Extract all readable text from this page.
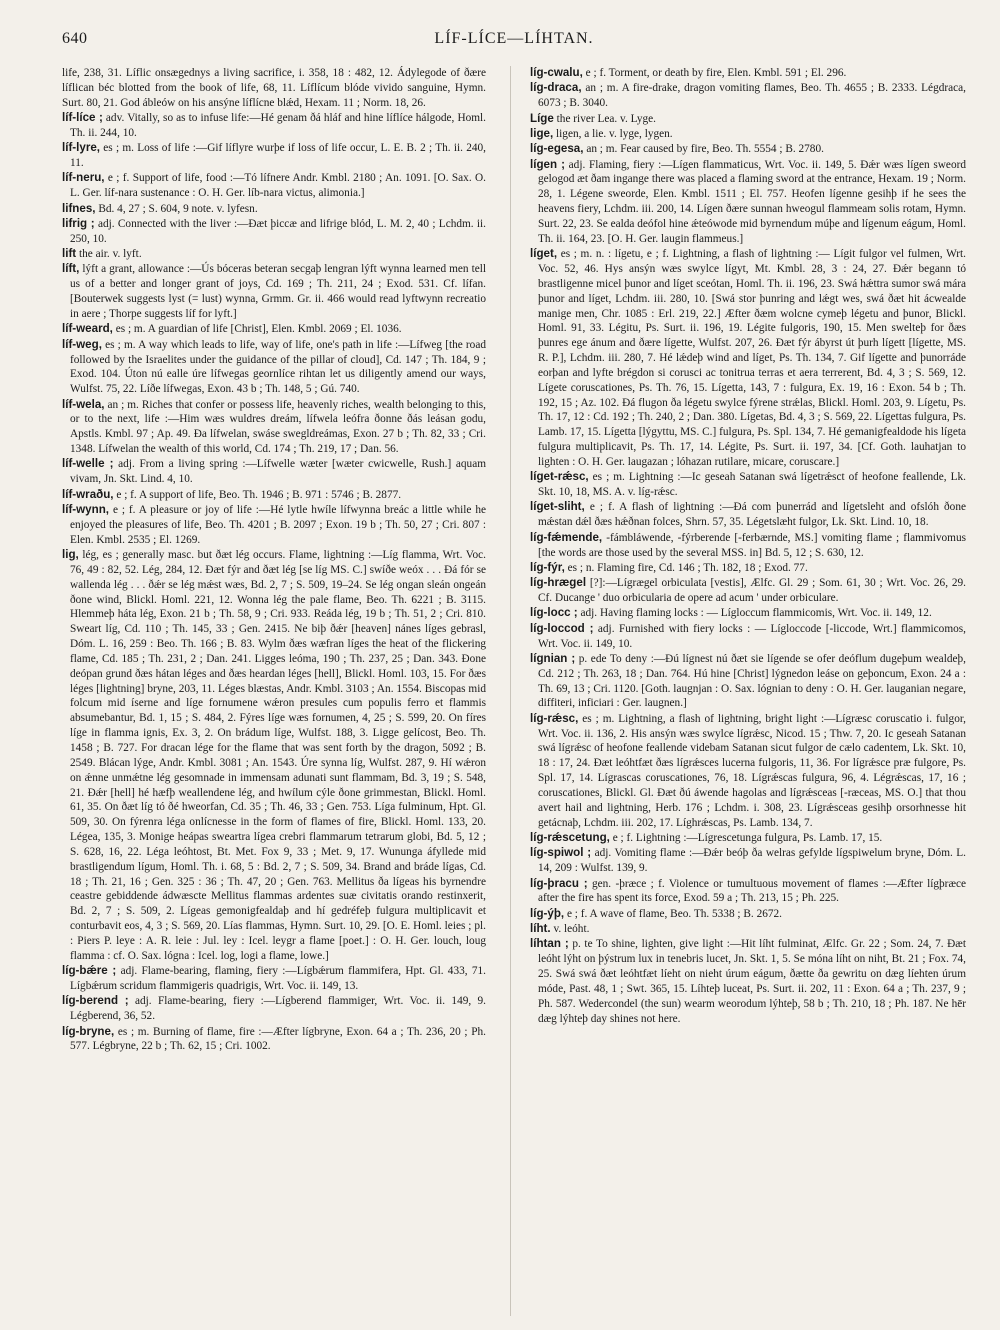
640	LÍF-LÍCE—LÍHTAN.

life, 238, 31. Líflic onsægednys a living sacrifice, i. 358, 18 : 482, 12. Ádylegode of ðære líflican béc blotted from the book of life, 68, 11. Líflícum blóde vivido sanguine, Hymn. Surt. 80, 21. God ábleów on his ansýne líflícne blǽd, Hexam. 11 ; Norm. 18, 26.

líf-líce ; adv. Vitally, so as to infuse life:—Hé genam ðá hláf and hine líflíce hálgode, Homl. Th. ii. 244, 10.

líf-lyre, es ; m. Loss of life :—Gif líflyre wurþe if loss of life occur, L. E. B. 2 ; Th. ii. 240, 11.

líf-neru, e ; f. Support of life, food :—Tó lífnere Andr. Kmbl. 2180 ; An. 1091. [O. Sax. O. L. Ger. líf-nara sustenance : O. H. Ger. líb-nara victus, alimonia.]

lifnes, Bd. 4, 27 ; S. 604, 9 note. v. lyfesn.

lifrig ; adj. Connected with the liver :—Ðæt þiccæ and lifrige blód, L. M. 2, 40 ; Lchdm. ii. 250, 10.

lift the air. v. lyft.

líft, lýft a grant, allowance :—Ús bóceras beteran secgaþ lengran lýft wynna learned men tell us of a better and longer grant of joys, Cd. 169 ; Th. 211, 24 ; Exod. 531. Cf. lífan. [Bouterwek suggests lyst (= lust) wynna, Grmm. Gr. ii. 466 would read lyftwynn recreatio in aere ; Thorpe suggests líf for lyft.]

líf-weard, es ; m. A guardian of life [Christ], Elen. Kmbl. 2069 ; El. 1036.

líf-weg, es ; m. A way which leads to life, way of life, one's path in life :—Lífweg [the road followed by the Israelites under the guidance of the pillar of cloud], Cd. 147 ; Th. 184, 9 ; Exod. 104. Úton nú ealle úre lífwegas geornlíce rihtan let us diligently amend our ways, Wulfst. 75, 22. Líðe lífwegas, Exon. 43 b ; Th. 148, 5 ; Gú. 740.

líf-wela, an ; m. Riches that confer or possess life, heavenly riches, wealth belonging to this, or to the next, life :—Him wæs wuldres dreám, lífwela leófra ðonne ðás leásan godu, Apstls. Kmbl. 97 ; Ap. 49. Ða lífwelan, swáse swegldreámas, Exon. 27 b ; Th. 82, 33 ; Cri. 1348. Lífwelan the wealth of this world, Cd. 174 ; Th. 219, 17 ; Dan. 56.

líf-welle ; adj. From a living spring :—Lífwelle wæter [wæter cwicwelle, Rush.] aquam vivam, Jn. Skt. Lind. 4, 10.

líf-wraðu, e ; f. A support of life, Beo. Th. 1946 ; B. 971 : 5746 ; B. 2877.

líf-wynn, e ; f. A pleasure or joy of life :—Hé lytle hwíle lífwynna breác a little while he enjoyed the pleasures of life, Beo. Th. 4201 ; B. 2097 ; Exon. 19 b ; Th. 50, 27 ; Cri. 807 : Elen. Kmbl. 2535 ; El. 1269.

lig, lég, es ; generally masc. but ðæt lég occurs. Flame, lightning :—Líg flamma, Wrt. Voc. 76, 49 : 82, 52. Lég, 284, 12. Ðæt fýr and ðæt lég [se líg MS. C.] swíðe weóx . . . Ðá fór se wallenda lég . . . ðǽr se lég mǽst wæs, Bd. 2, 7 ; S. 509, 19–24. Se lég ongan sleán ongeán ðone wind, Blickl. Homl. 221, 12. Wonna lég the pale flame, Beo. Th. 6221 ; B. 3115. Hlemmeþ háta lég, Exon. 21 b ; Th. 58, 9 ; Cri. 933. Reáda lég, 19 b ; Th. 51, 2 ; Cri. 810. Sweart líg, Cd. 110 ; Th. 145, 33 ; Gen. 2415. Ne biþ ðǽr [heaven] nánes líges gebrasl, Dóm. L. 16, 259 : Beo. Th. 166 ; B. 83. Wylm ðæs wæfran líges the heat of the flickering flame, Cd. 185 ; Th. 231, 2 ; Dan. 241. Ligges leóma, 190 ; Th. 237, 25 ; Dan. 343. Ðone deópan grund ðæs hátan léges and ðæs heardan léges [hell], Blickl. Homl. 103, 15. For ðæs léges [lightning] bryne, 203, 11. Léges blæstas, Andr. Kmbl. 3103 ; An. 1554. Biscopas mid folcum mid íserne and líge fornumene wǽron presules cum populis ferro et flammis absumebantur, Bd. 1, 15 ; S. 484, 2. Fýres líge wæs fornumen, 4, 25 ; S. 599, 20. On fíres líge in flamma ignis, Ex. 3, 2. On brádum líge, Wulfst. 188, 3. Ligge gelícost, Beo. Th. 1458 ; B. 727. For dracan lége for the flame that was sent forth by the dragon, 5092 ; B. 2549. Blácan lýge, Andr. Kmbl. 3081 ; An. 1543. Úre synna líg, Wulfst. 287, 9. Hí wǽron on ǽnne unmǽtne lég gesomnade in immensam adunati sunt flammam, Bd. 3, 19 ; S. 548, 21. Ðǽr [hell] hé hæfþ weallendene lég, and hwílum cýle ðone grimmestan, Blickl. Homl. 61, 35. On ðæt líg tó ðé hweorfan, Cd. 35 ; Th. 46, 33 ; Gen. 753. Líga fulminum, Hpt. Gl. 509, 30. On fýrenra léga onlícnesse in the form of flames of fire, Blickl. Homl. 133, 20. Légea, 135, 3. Monige heápas sweartra lígea crebri flammarum tetrarum globi, Bd. 5, 12 ; S. 628, 16, 22. Léga leóhtost, Bt. Met. Fox 9, 33 ; Met. 9, 17. Wununga áfyllede mid brastligendum lígum, Homl. Th. i. 68, 5 : Bd. 2, 7 ; S. 509, 34. Brand and bráde lígas, Cd. 18 ; Th. 21, 16 ; Gen. 325 : 36 ; Th. 47, 20 ; Gen. 763. Mellitus ða lígeas his byrnendre ceastre gebiddende ádwæscte Mellitus flammas ardentes suæ civitatis orando restinxerit, Bd. 2, 7 ; S. 509, 2. Lígeas gemonigfealdaþ and hí gedréfeþ fulgura multiplicavit et conturbavit eos, 4, 3 ; S. 569, 20. Lías flammas, Hymn. Surt. 10, 29. [O. E. Homl. leies ; pl. : Piers P. leye : A. R. leie : Jul. ley : Icel. leygr a flame [poet.] : O. H. Ger. louch, loug flamma : cf. O. Sax. lógna : Icel. log, logi a flame, lowe.]

líg-bǽre ; adj. Flame-bearing, flaming, fiery :—Lígbǽrum flammifera, Hpt. Gl. 433, 71. Lígbǽrum scridum flammigeris quadrigis, Wrt. Voc. ii. 149, 13.

líg-berend ; adj. Flame-bearing, fiery :—Lígberend flammiger, Wrt. Voc. ii. 149, 9. Légberend, 36, 52.

líg-bryne, es ; m. Burning of flame, fire :—Æfter lígbryne, Exon. 64 a ; Th. 236, 20 ; Ph. 577. Légbryne, 22 b ; Th. 62, 15 ; Cri. 1002.

líg-cwalu, e ; f. Torment, or death by fire, Elen. Kmbl. 591 ; El. 296.

líg-draca, an ; m. A fire-drake, dragon vomiting flames, Beo. Th. 4655 ; B. 2333. Légdraca, 6073 ; B. 3040.

Líge the river Lea. v. Lyge.

lige, ligen, a lie. v. lyge, lygen.

líg-egesa, an ; m. Fear caused by fire, Beo. Th. 5554 ; B. 2780.

lígen ; adj. Flaming, fiery :—Lígen flammaticus, Wrt. Voc. ii. 149, 5. Ðǽr wæs lígen sweord gelogod æt ðam ingange there was placed a flaming sword at the entrance, Hexam. 19 ; Norm. 28, 1. Légene sweorde, Elen. Kmbl. 1511 ; El. 757. Heofen lígenne gesihþ if he sees the heavens fiery, Lchdm. iii. 200, 14. Lígen ðære sunnan hweogul flammeam solis rotam, Hymn. Surt. 22, 23. Se ealda deófol hine ǽteówode mid byrnendum múþe and lígenum eágum, Homl. Th. ii. 164, 23. [O. H. Ger. laugin flammeus.]

líget, es ; m. n. : lígetu, e ; f. Lightning, a flash of lightning :— Lígit fulgor vel fulmen, Wrt. Voc. 52, 46. Hys ansýn wæs swylce lígyt, Mt. Kmbl. 28, 3 : 24, 27. Ðǽr begann tó brastligenne micel þunor and líget sceótan, Homl. Th. ii. 196, 23. Swá hǽttra sumor swá mára þunor and líget, Lchdm. iii. 280, 10. [Swá stor þunring and lǽgt wes, swá ðæt hit ácwealde manige men, Chr. 1085 : Erl. 219, 22.] Æfter ðæm wolcne cymeþ légetu and þunor, Blickl. Homl. 91, 33. Légitu, Ps. Surt. ii. 196, 19. Légite fulgoris, 190, 15. Men swelteþ for ðæs þunres ege ánum and ðære lígette, Wulfst. 207, 26. Ðæt fýr ábyrst út þurh lígett [lígette, MS. R. P.], Lchdm. iii. 280, 7. Hé lǽdeþ wind and líget, Ps. Th. 134, 7. Gif lígette and þunorráde eorþan and lyfte brégdon si corusci ac tonitrua terras et aera terrerent, Bd. 4, 3 ; S. 569, 12. Lígete coruscationes, Ps. Th. 76, 15. Lígetta, 143, 7 : fulgura, Ex. 19, 16 : Exon. 54 b ; Th. 192, 15 ; Az. 102. Ðá flugon ða légetu swylce fýrene strǽlas, Blickl. Homl. 203, 9. Lígetu, Ps. Th. 17, 12 : Cd. 192 ; Th. 240, 2 ; Dan. 380. Lígetas, Bd. 4, 3 ; S. 569, 22. Lígettas fulgura, Ps. Lamb. 17, 15. Lígetta [lýgyttu, MS. C.] fulgura, Ps. Spl. 134, 7. Hé gemanigfealdode his lígeta fulgura multiplicavit, Ps. Th. 17, 14. Légite, Ps. Surt. ii. 197, 34. [Cf. Goth. lauhatjan to lighten : O. H. Ger. laugazan ; lóhazan rutilare, micare, coruscare.]

líget-rǽsc, es ; m. Lightning :—Ic geseah Satanan swá lígetrǽsct of heofone feallende, Lk. Skt. 10, 18, MS. A. v. líg-rǽsc.

líget-sliht, e ; f. A flash of lightning :—Ðá com þunerrád and lígetsleht and ofslóh ðone mǽstan dǽl ðæs hǽðnan folces, Shrn. 57, 35. Légetslæht fulgor, Lk. Skt. Lind. 10, 18.

líg-fǽmende, -fámbláwende, -fýrberende [-ferbærnde, MS.] vomiting flame ; flammivomus [the words are those used by the several MSS. in] Bd. 5, 12 ; S. 630, 12.

líg-fýr, es ; n. Flaming fire, Cd. 146 ; Th. 182, 18 ; Exod. 77.

líg-hrægel [?]:—Lígrægel orbiculata [vestis], Ælfc. Gl. 29 ; Som. 61, 30 ; Wrt. Voc. 26, 29. Cf. Ducange ' duo orbicularia de opere ad acum ' under orbiculare.

líg-locc ; adj. Having flaming locks : — Lígloccum flammicomis, Wrt. Voc. ii. 149, 12.

líg-loccod ; adj. Furnished with fiery locks : — Lígloccode [-liccode, Wrt.] flammicomos, Wrt. Voc. ii. 149, 10.

lígnian ; p. ede To deny :—Ðú lígnest nú ðæt sie lígende se ofer deóflum dugeþum wealdeþ, Cd. 212 ; Th. 263, 18 ; Dan. 764. Hú hine [Christ] lýgnedon leáse on geþoncum, Exon. 24 a : Th. 69, 13 ; Cri. 1120. [Goth. laugnjan : O. Sax. lógnian to deny : O. H. Ger. lauganian negare, diffiteri, inficiari : Ger. laugnen.]

líg-rǽsc, es ; m. Lightning, a flash of lightning, bright light :—Lígræsc coruscatio i. fulgor, Wrt. Voc. ii. 136, 2. His ansýn wæs swylce lígrǽsc, Nicod. 15 ; Thw. 7, 20. Ic geseah Satanan swá lígrǽsc of heofone feallende videbam Satanan sicut fulgor de cælo cadentem, Lk. Skt. 10, 18 : 17, 24. Ðæt leóhtfæt ðæs lígrǽsces lucerna fulgoris, 11, 36. For lígrǽsce præ fulgore, Ps. Spl. 17, 14. Lígrascas coruscationes, 76, 18. Lígrǽscas fulgura, 96, 4. Légrǽscas, 17, 16 ; coruscationes, Blickl. Gl. Ðæt ðú áwende hagolas and lígrǽsceas [-ræceas, MS. O.] that thou avert hail and lightning, Herb. 176 ; Lchdm. i. 308, 23. Lígrǽsceas gesihþ orsorhnesse hit getácnaþ, Lchdm. iii. 202, 17. Líghrǽscas, Ps. Lamb. 134, 7.

líg-rǽscetung, e ; f. Lightning :—Lígrescetunga fulgura, Ps. Lamb. 17, 15.

líg-spiwol ; adj. Vomiting flame :—Ðǽr beóþ ða welras gefylde lígspiwelum bryne, Dóm. L. 14, 209 : Wulfst. 139, 9.

líg-þracu ; gen. -þræce ; f. Violence or tumultuous movement of flames :—Æfter lígþræce after the fire has spent its force, Exod. 59 a ; Th. 213, 15 ; Ph. 225.

líg-ýþ, e ; f. A wave of flame, Beo. Th. 5338 ; B. 2672.

líht. v. leóht.

líhtan ; p. te To shine, lighten, give light :—Hit líht fulminat, Ælfc. Gr. 22 ; Som. 24, 7. Ðæt leóht lýht on þýstrum lux in tenebris lucet, Jn. Skt. 1, 5. Se móna líht on niht, Bt. 21 ; Fox. 74, 25. Swá swá ðæt leóhtfæt líeht on nieht úrum eágum, ðætte ða gewritu on dæg líehten úrum móde, Past. 48, 1 ; Swt. 365, 15. Líhteþ luceat, Ps. Surt. ii. 202, 11 : Exon. 64 a ; Th. 237, 9 ; Ph. 587. Wedercondel (the sun) wearm weorodum lýhteþ, 58 b ; Th. 210, 18 ; Ph. 187. Ne hēr dæg lýhteþ day shines not here.
